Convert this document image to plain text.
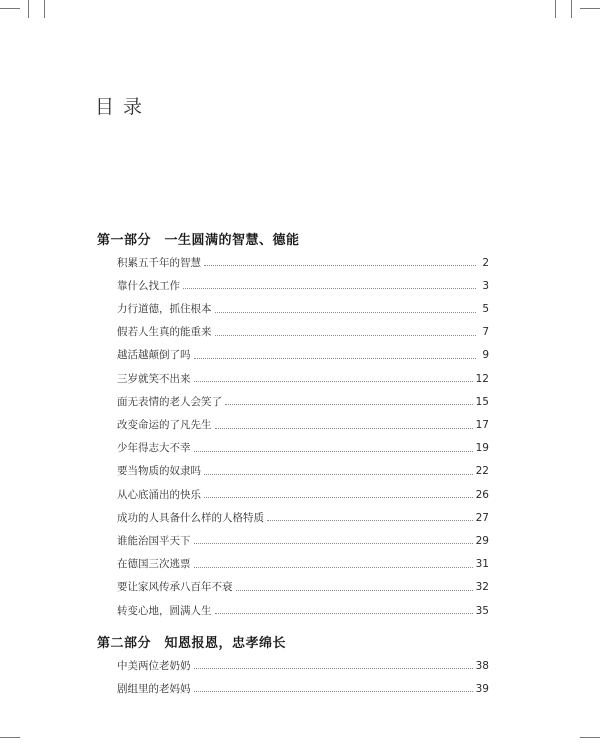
目录
第一部分　一生圆满的智慧、德能
积累五千年的智慧	2
靠什么找工作	3
力行道德，抓住根本	5
假若人生真的能重来	7
越活越颠倒了吗	9
三岁就笑不出来	12
面无表情的老人会笑了	15
改变命运的了凡先生	17
少年得志大不幸	19
要当物质的奴隶吗	22
从心底涌出的快乐	26
成功的人具备什么样的人格特质	27
谁能治国平天下	29
在德国三次逃票	31
要让家风传承八百年不衰	32
转变心地，圆满人生	35
第二部分　知恩报恩，忠孝绵长
中美两位老奶奶	38
剧组里的老妈妈	39
